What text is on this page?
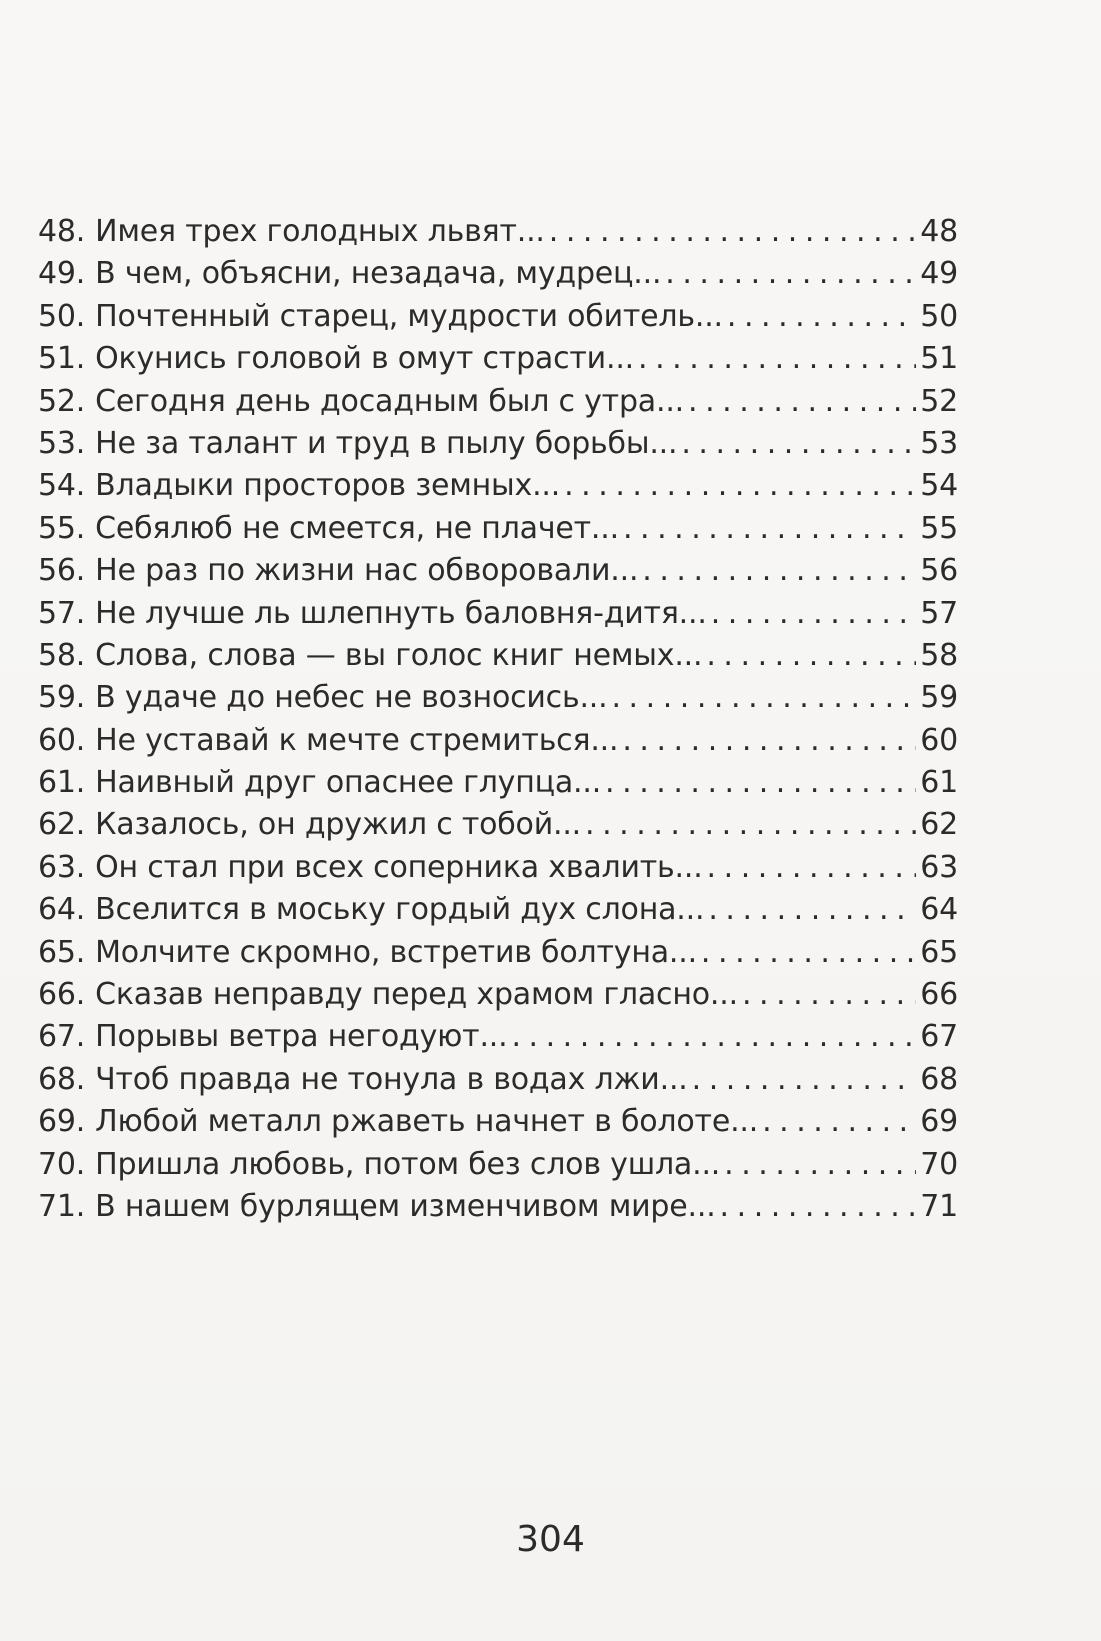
48. Имея трех голодных львят... . . .	48
49. В чем, объясни, незадача, мудрец... . . .	49
50. Почтенный старец, мудрости обитель... . . .	50
51. Окунись головой в омут страсти... . . .	51
52. Сегодня день досадным был с утра... . . .	52
53. Не за талант и труд в пылу борьбы... . . .	53
54. Владыки просторов земных... . . .	54
55. Себялюб не смеется, не плачет... . . .	55
56. Не раз по жизни нас обворовали... . . .	56
57. Не лучше ль шлепнуть баловня-дитя... . . .	57
58. Слова, слова — вы голос книг немых... . . .	58
59. В удаче до небес не возносись... . . .	59
60. Не уставай к мечте стремиться... . . .	60
61. Наивный друг опаснее глупца... . . .	61
62. Казалось, он дружил с тобой... . . .	62
63. Он стал при всех соперника хвалить... . . .	63
64. Вселится в моську гордый дух слона... . . .	64
65. Молчите скромно, встретив болтуна... . . .	65
66. Сказав неправду перед храмом гласно... . . .	66
67. Порывы ветра негодуют... . . .	67
68. Чтоб правда не тонула в водах лжи... . . .	68
69. Любой металл ржаветь начнет в болоте... . . .	69
70. Пришла любовь, потом без слов ушла... . . .	70
71. В нашем бурлящем изменчивом мире... . . .	71
304
